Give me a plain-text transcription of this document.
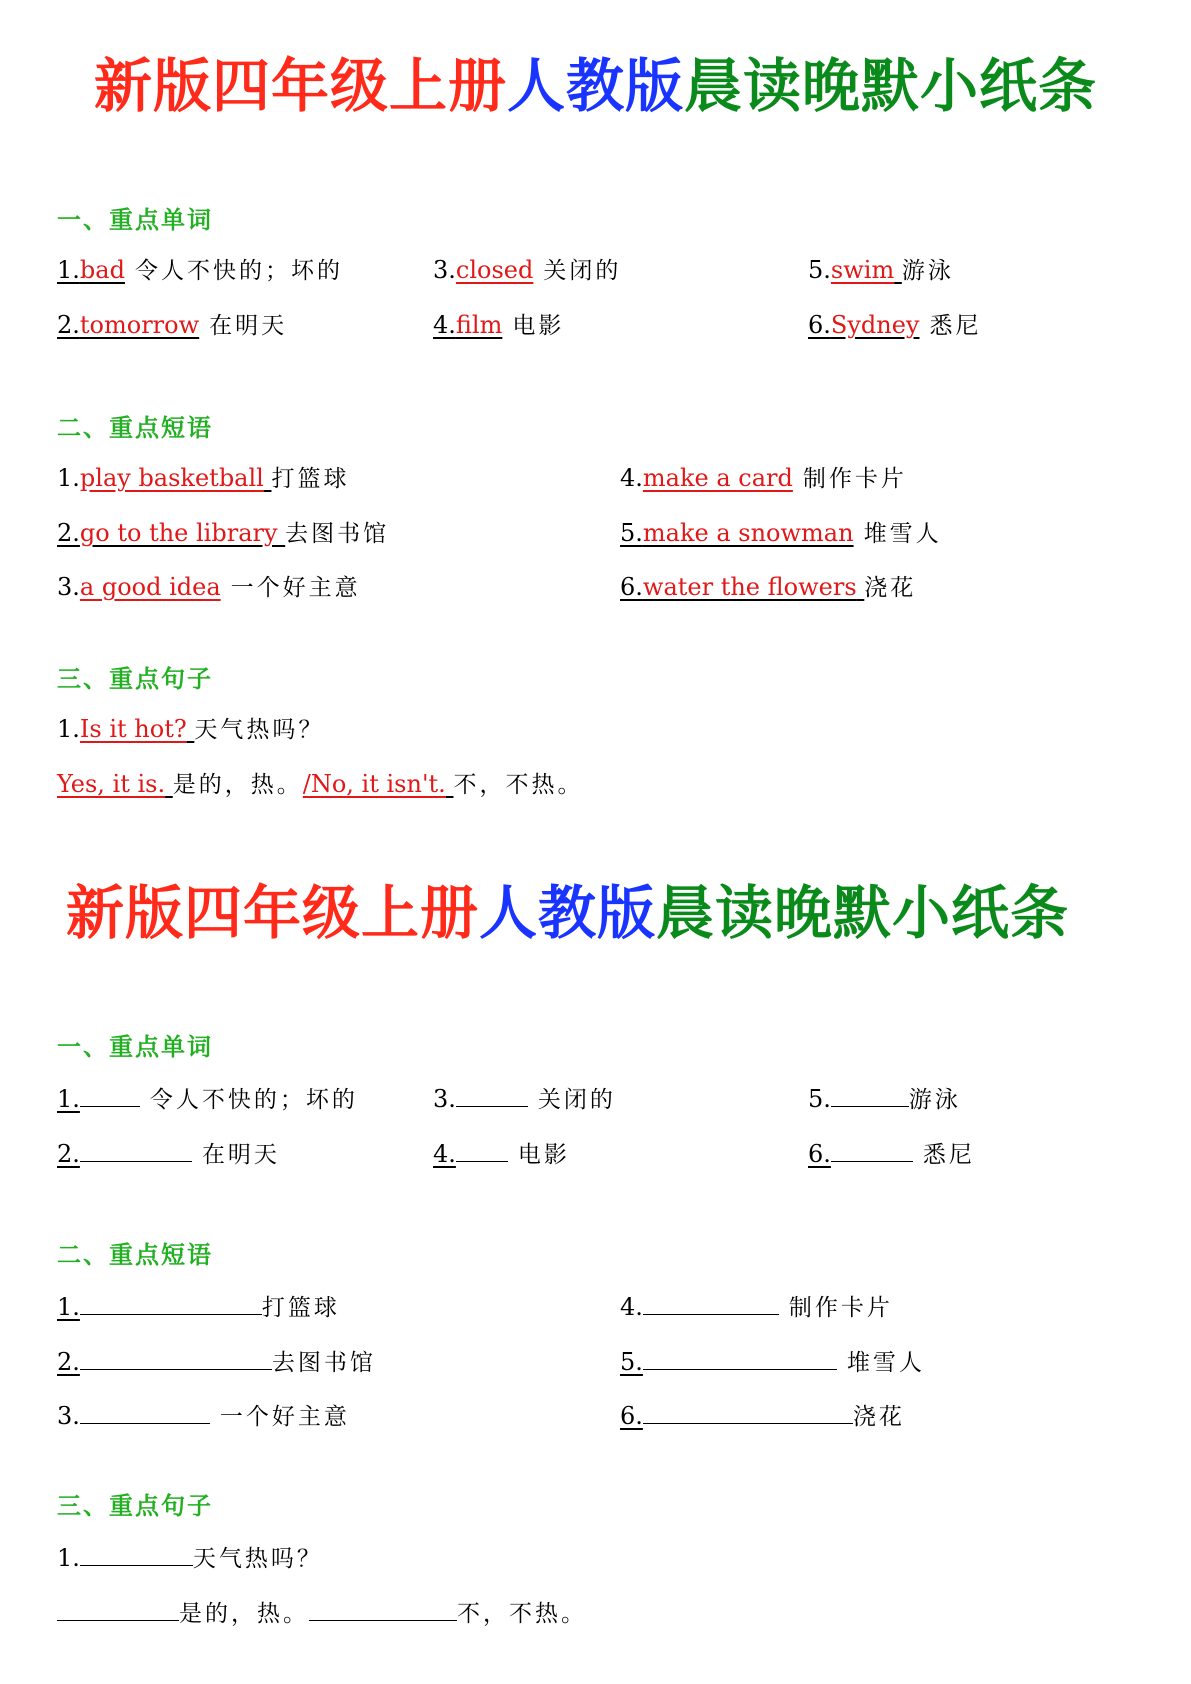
新版四年级上册人教版晨读晚默小纸条
一、重点单词
1.bad 令人不快的；坏的	3.closed 关闭的	5.swim 游泳
2.tomorrow 在明天	4.film 电影	6.Sydney 悉尼
二、重点短语
1.play basketball 打篮球	4.make a card 制作卡片
2.go to the library 去图书馆	5.make a snowman 堆雪人
3.a good idea 一个好主意	6.water the flowers 浇花
三、重点句子
1.Is it hot? 天气热吗？
Yes, it is. 是的，热。/No, it isn't. 不，不热。
新版四年级上册人教版晨读晚默小纸条
一、重点单词
1.	令人不快的；坏的	3.	关闭的	5.	游泳
2.	在明天	4.	电影	6.	悉尼
二、重点短语
1.	打篮球	4.	制作卡片
2.	去图书馆	5.	堆雪人
3.	一个好主意	6.	浇花
三、重点句子
1.	天气热吗？
是的，热。	不，不热。
